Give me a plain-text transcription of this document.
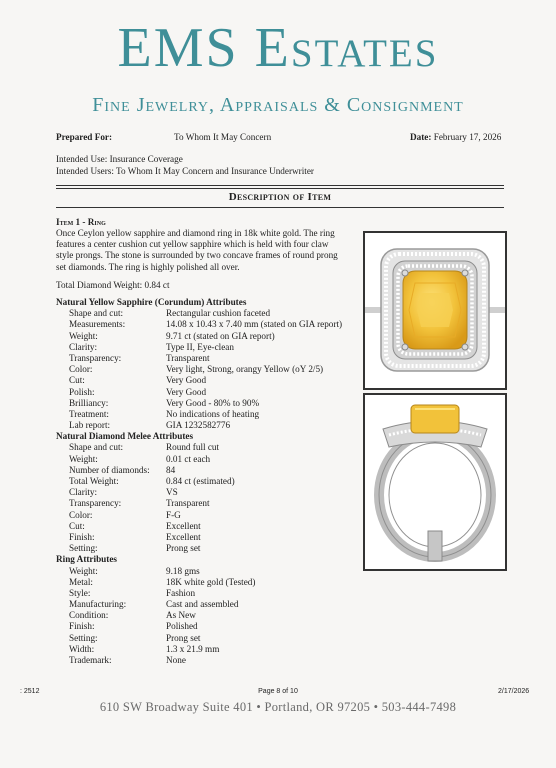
EMS Estates
Fine Jewelry, Appraisals & Consignment
Prepared For:	To Whom It May Concern	Date: February 17, 2026
Intended Use: Insurance Coverage
Intended Users: To Whom It May Concern and Insurance Underwriter
Description of Item
Item 1 - Ring
Once Ceylon yellow sapphire and diamond ring in 18k white gold. The ring
features a center cushion cut yellow sapphire which is held with four claw
style prongs. The stone is surrounded by two concave frames of round prong
set diamonds. The ring is highly polished all over.
Total Diamond Weight: 0.84 ct
Natural Yellow Sapphire (Corundum) Attributes
Shape and cut:	Rectangular cushion faceted
Measurements:	14.08 x 10.43 x 7.40 mm (stated on GIA report)
Weight:	9.71 ct (stated on GIA report)
Clarity:	Type II, Eye-clean
Transparency:	Transparent
Color:	Very light, Strong, orangy Yellow (oY 2/5)
Cut:	Very Good
Polish:	Very Good
Brilliancy:	Very Good - 80% to 90%
Treatment:	No indications of heating
Lab report:	GIA 1232582776
Natural Diamond Melee Attributes
Shape and cut:	Round full cut
Weight:	0.01 ct each
Number of diamonds: 84
Total Weight:	0.84 ct (estimated)
Clarity:	VS
Transparency:	Transparent
Color:	F-G
Cut:	Excellent
Finish:	Excellent
Setting:	Prong set
Ring Attributes
Weight:	9.18 gms
Metal:	18K white gold (Tested)
Style:	Fashion
Manufacturing:	Cast and assembled
Condition:	As New
Finish:	Polished
Setting:	Prong set
Width:	1.3 x 21.9 mm
Trademark:	None
: 2512	Page 8 of 10	2/17/2026
610 SW Broadway Suite 401 • Portland, OR 97205 • 503-444-7498
